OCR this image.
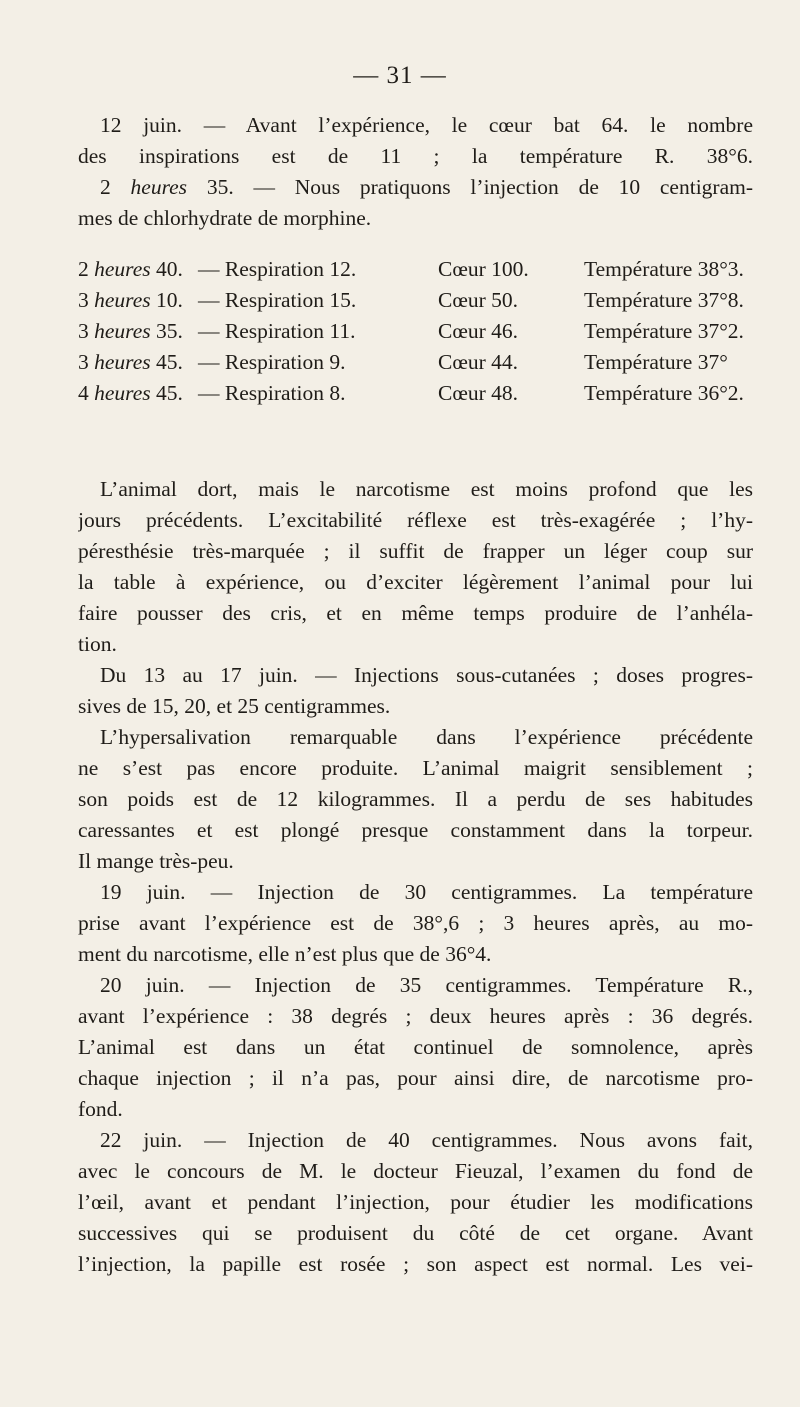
— 31 —
12 juin. — Avant l’expérience, le cœur bat 64. le nombre
des inspirations est de 11 ; la température R. 38°6.
2 heures 35. — Nous pratiquons l’injection de 10 centigram-
mes de chlorhydrate de morphine.
2 heures 40. — Respiration 12.	Cœur 100.	Température 38°3.
3 heures 10. — Respiration 15.	Cœur 50.	Température 37°8.
3 heures 35. — Respiration 11.	Cœur 46.	Température 37°2.
3 heures 45. — Respiration 9.	Cœur 44.	Température 37°
4 heures 45. — Respiration 8.	Cœur 48.	Température 36°2.
L’animal dort, mais le narcotisme est moins profond que les
jours précédents. L’excitabilité réflexe est très-exagérée ; l’hy-
péresthésie très-marquée ; il suffit de frapper un léger coup sur
la table à expérience, ou d’exciter légèrement l’animal pour lui
faire pousser des cris, et en même temps produire de l’anhéla-
tion.
Du 13 au 17 juin. — Injections sous-cutanées ; doses progres-
sives de 15, 20, et 25 centigrammes.
L’hypersalivation remarquable dans l’expérience précédente
ne s’est pas encore produite. L’animal maigrit sensiblement ;
son poids est de 12 kilogrammes. Il a perdu de ses habitudes
caressantes et est plongé presque constamment dans la torpeur.
Il mange très-peu.
19 juin. — Injection de 30 centigrammes. La température
prise avant l’expérience est de 38°,6 ; 3 heures après, au mo-
ment du narcotisme, elle n’est plus que de 36°4.
20 juin. — Injection de 35 centigrammes. Température R.,
avant l’expérience : 38 degrés ; deux heures après : 36 degrés.
L’animal est dans un état continuel de somnolence, après
chaque injection ; il n’a pas, pour ainsi dire, de narcotisme pro-
fond.
22 juin. — Injection de 40 centigrammes. Nous avons fait,
avec le concours de M. le docteur Fieuzal, l’examen du fond de
l’œil, avant et pendant l’injection, pour étudier les modifications
successives qui se produisent du côté de cet organe. Avant
l’injection, la papille est rosée ; son aspect est normal. Les vei-
